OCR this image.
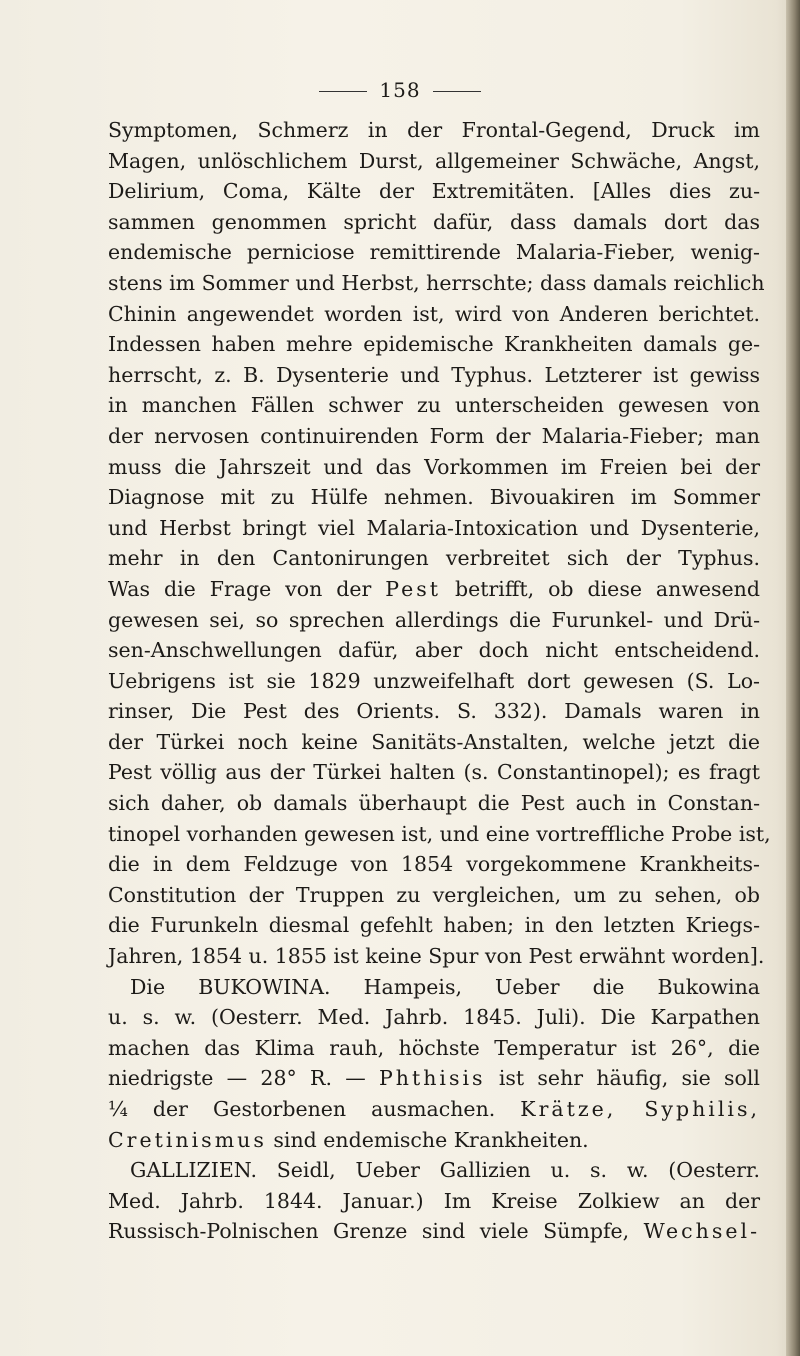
158
Symptomen, Schmerz in der Frontal-Gegend, Druck im
Magen, unlöschlichem Durst, allgemeiner Schwäche, Angst,
Delirium, Coma, Kälte der Extremitäten. [Alles dies zu-
sammen genommen spricht dafür, dass damals dort das
endemische perniciose remittirende Malaria-Fieber, wenig-
stens im Sommer und Herbst, herrschte; dass damals reichlich
Chinin angewendet worden ist, wird von Anderen berichtet.
Indessen haben mehre epidemische Krankheiten damals ge-
herrscht, z. B. Dysenterie und Typhus. Letzterer ist gewiss
in manchen Fällen schwer zu unterscheiden gewesen von
der nervosen continuirenden Form der Malaria-Fieber; man
muss die Jahrszeit und das Vorkommen im Freien bei der
Diagnose mit zu Hülfe nehmen. Bivouakiren im Sommer
und Herbst bringt viel Malaria-Intoxication und Dysenterie,
mehr in den Cantonirungen verbreitet sich der Typhus.
Was die Frage von der Pest betrifft, ob diese anwesend
gewesen sei, so sprechen allerdings die Furunkel- und Drü-
sen-Anschwellungen dafür, aber doch nicht entscheidend.
Uebrigens ist sie 1829 unzweifelhaft dort gewesen (S. Lo-
rinser, Die Pest des Orients. S. 332). Damals waren in
der Türkei noch keine Sanitäts-Anstalten, welche jetzt die
Pest völlig aus der Türkei halten (s. Constantinopel); es fragt
sich daher, ob damals überhaupt die Pest auch in Constan-
tinopel vorhanden gewesen ist, und eine vortreffliche Probe ist,
die in dem Feldzuge von 1854 vorgekommene Krankheits-
Constitution der Truppen zu vergleichen, um zu sehen, ob
die Furunkeln diesmal gefehlt haben; in den letzten Kriegs-
Jahren, 1854 u. 1855 ist keine Spur von Pest erwähnt worden].
Die BUKOWINA. Hampeis, Ueber die Bukowina
u. s. w. (Oesterr. Med. Jahrb. 1845. Juli). Die Karpathen
machen das Klima rauh, höchste Temperatur ist 26°, die
niedrigste — 28° R. — Phthisis ist sehr häufig, sie soll
¼ der Gestorbenen ausmachen. Krätze, Syphilis,
Cretinismus sind endemische Krankheiten.
GALLIZIEN. Seidl, Ueber Gallizien u. s. w. (Oesterr.
Med. Jahrb. 1844. Januar.) Im Kreise Zolkiew an der
Russisch-Polnischen Grenze sind viele Sümpfe, Wechsel-
